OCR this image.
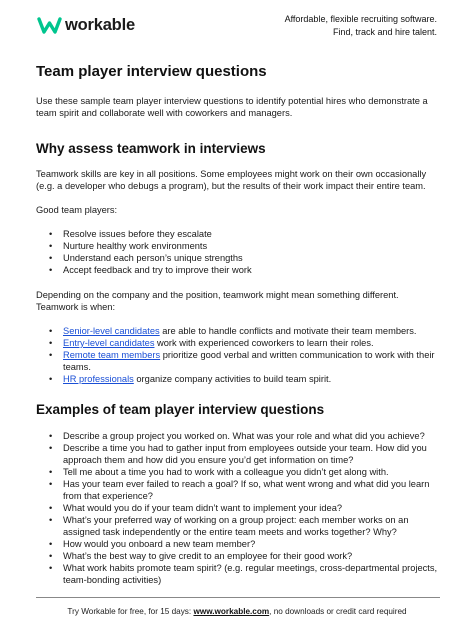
workable	Affordable, flexible recruiting software.
Find, track and hire talent.
Team player interview questions

Use these sample team player interview questions to identify potential hires who demonstrate a team spirit and collaborate well with coworkers and managers.

Why assess teamwork in interviews

Teamwork skills are key in all positions. Some employees might work on their own occasionally (e.g. a developer who debugs a program), but the results of their work impact their entire team.

Good team players:

• Resolve issues before they escalate
• Nurture healthy work environments
• Understand each person’s unique strengths
• Accept feedback and try to improve their work

Depending on the company and the position, teamwork might mean something different. Teamwork is when:

• Senior-level candidates are able to handle conflicts and motivate their team members.
• Entry-level candidates work with experienced coworkers to learn their roles.
• Remote team members prioritize good verbal and written communication to work with their teams.
• HR professionals organize company activities to build team spirit.
Examples of team player interview questions
• Describe a group project you worked on. What was your role and what did you achieve?
• Describe a time you had to gather input from employees outside your team. How did you approach them and how did you ensure you’d get information on time?
• Tell me about a time you had to work with a colleague you didn’t get along with.
• Has your team ever failed to reach a goal? If so, what went wrong and what did you learn from that experience?
• What would you do if your team didn’t want to implement your idea?
• What’s your preferred way of working on a group project: each member works on an assigned task independently or the entire team meets and works together? Why?
• How would you onboard a new team member?
• What’s the best way to give credit to an employee for their good work?
• What work habits promote team spirit? (e.g. regular meetings, cross-departmental projects, team-bonding activities)
Try Workable for free, for 15 days: www.workable.com, no downloads or credit card required
